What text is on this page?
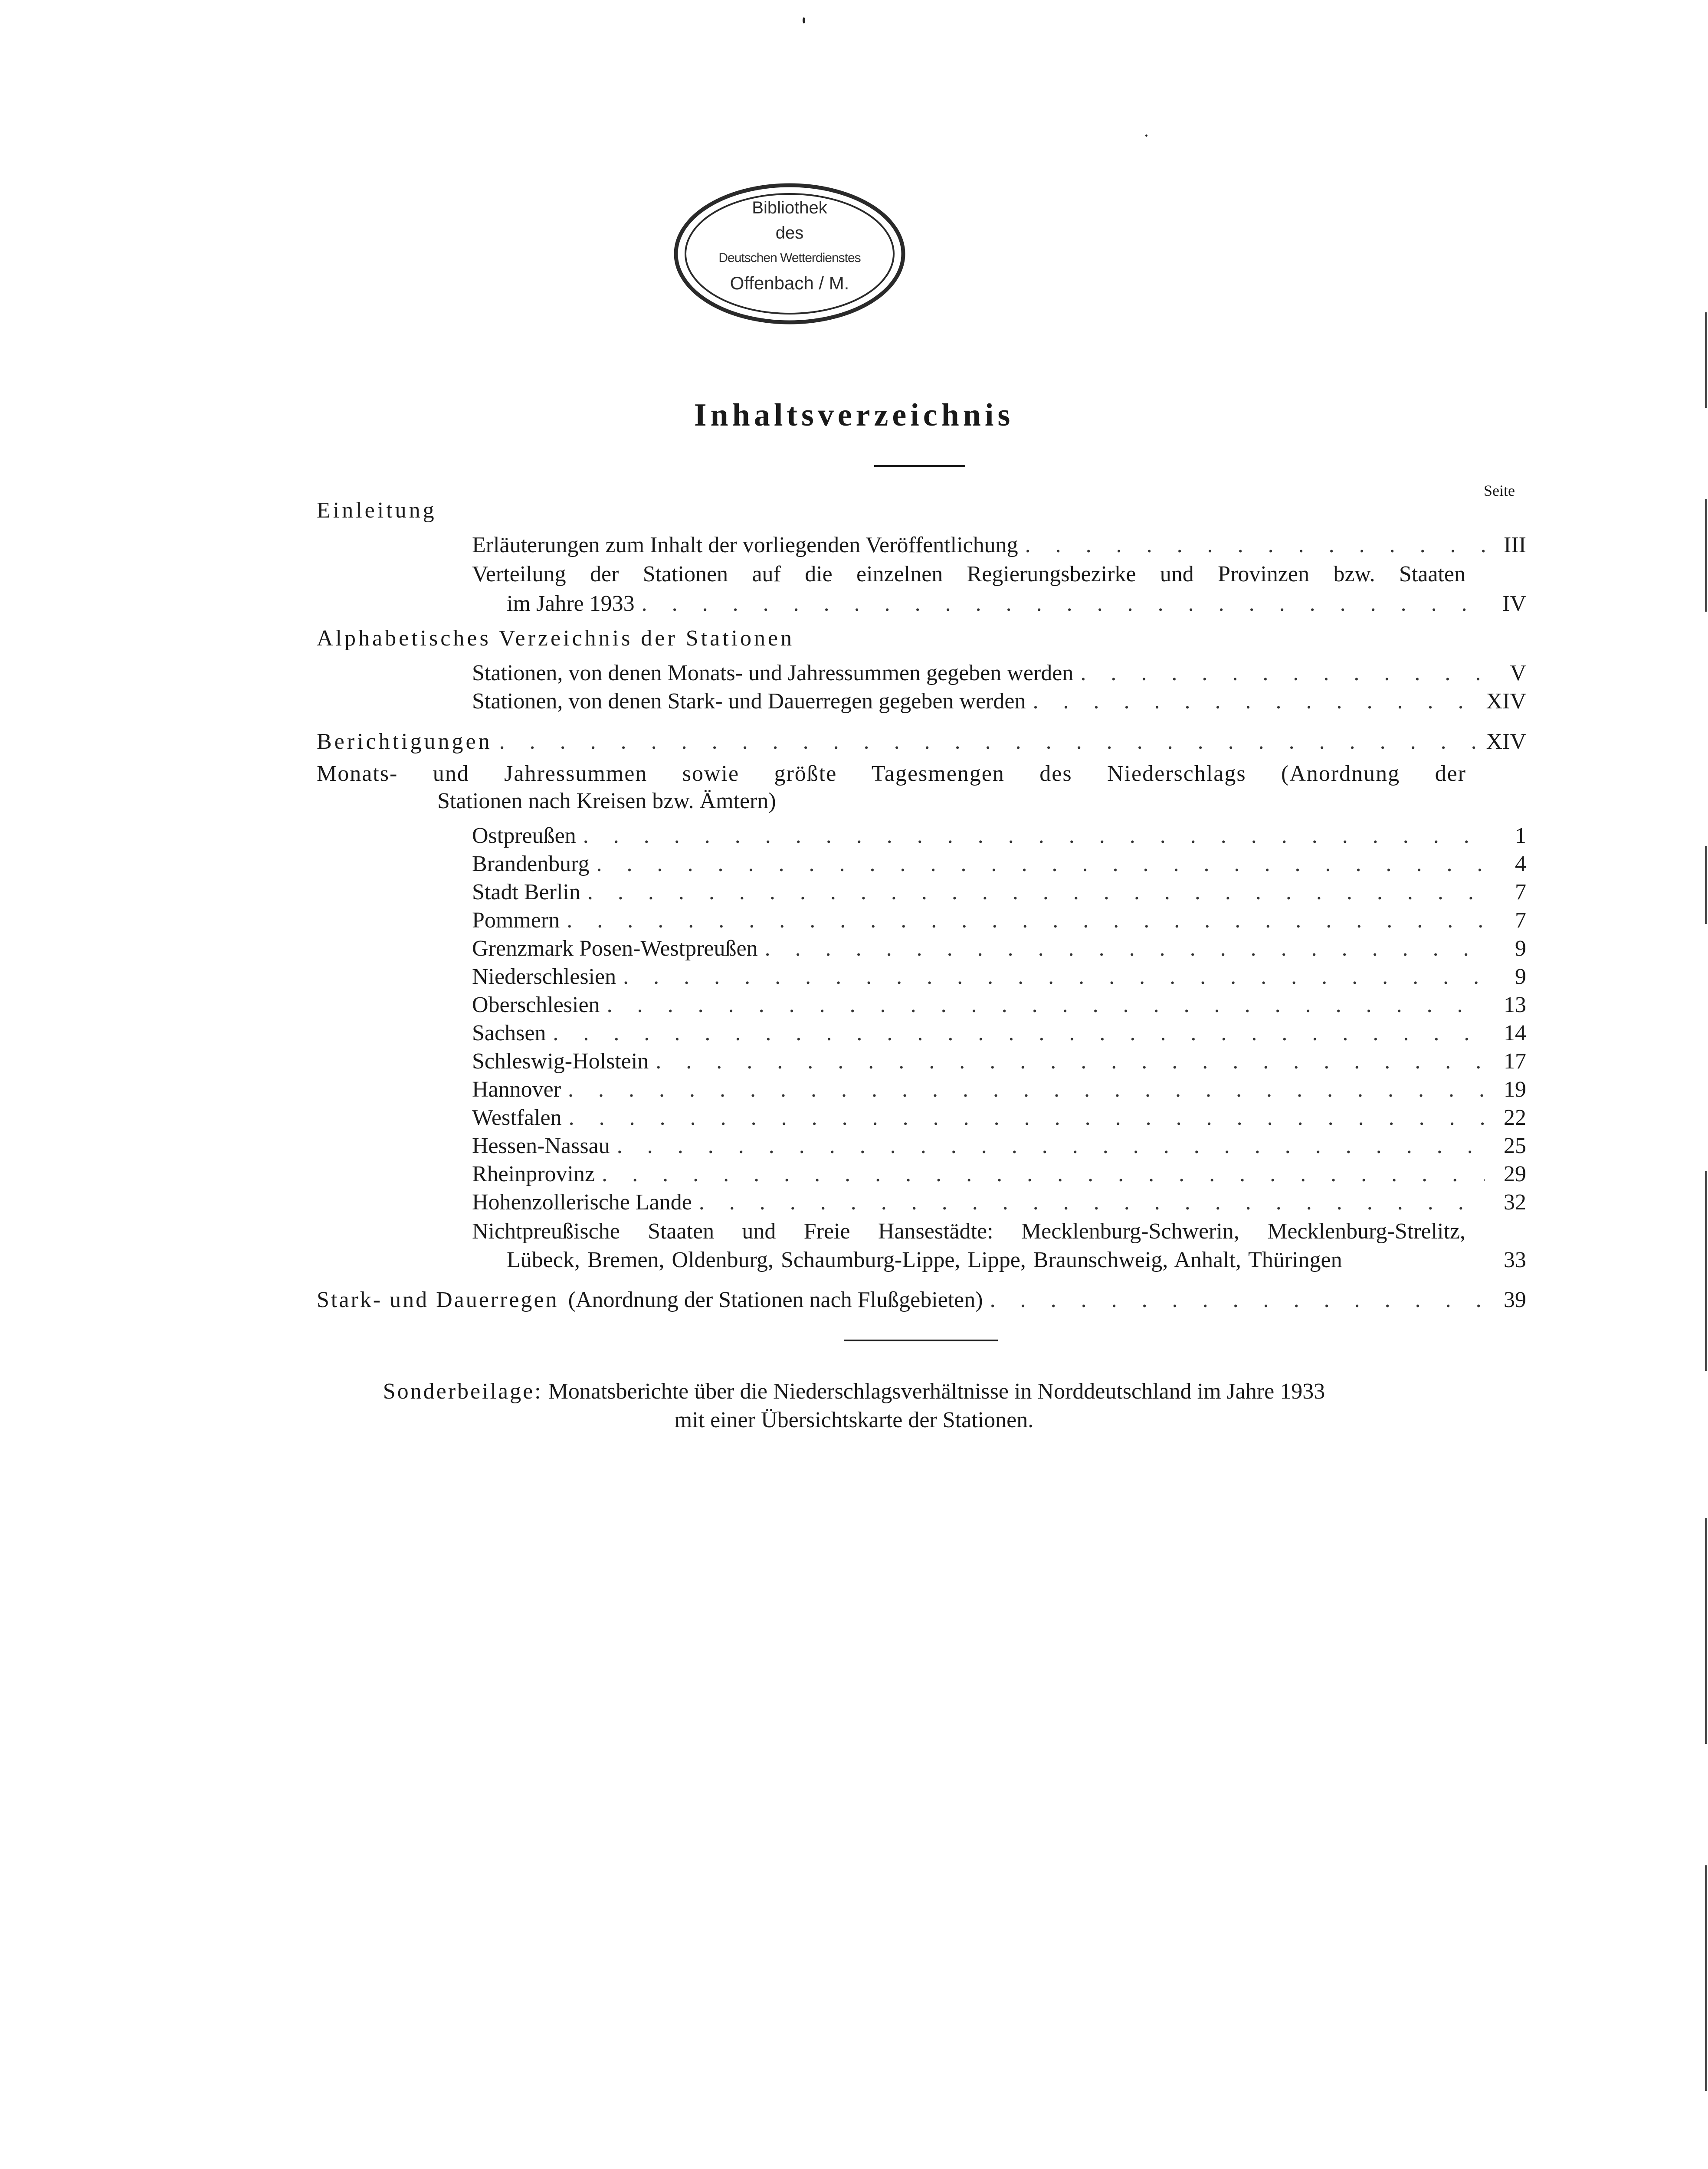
Bibliothek
des
Deutschen Wetterdienstes
Offenbach / M.
Inhaltsverzeichnis
Seite
Einleitung
Erläuterungen zum Inhalt der vorliegenden Veröffentlichung . . .	III
Verteilung der Stationen auf die einzelnen Regierungsbezirke und Provinzen bzw. Staaten
im Jahre 1933 . . .	IV
Alphabetisches Verzeichnis der Stationen
Stationen, von denen Monats- und Jahressummen gegeben werden . . .	V
Stationen, von denen Stark- und Dauerregen gegeben werden . . .	XIV
Berichtigungen . . .	XIV
Monats- und Jahressummen sowie größte Tagesmengen des Niederschlags (Anordnung der
Stationen nach Kreisen bzw. Ämtern)
Ostpreußen . . .	1
Brandenburg . . .	4
Stadt Berlin . . .	7
Pommern . . .	7
Grenzmark Posen-Westpreußen . . .	9
Niederschlesien . . .	9
Oberschlesien . . .	13
Sachsen . . .	14
Schleswig-Holstein . . .	17
Hannover . . .	19
Westfalen . . .	22
Hessen-Nassau . . .	25
Rheinprovinz . . .	29
Hohenzollerische Lande . . .	32
Nichtpreußische Staaten und Freie Hansestädte: Mecklenburg-Schwerin, Mecklenburg-Strelitz,
Lübeck, Bremen, Oldenburg, Schaumburg-Lippe, Lippe, Braunschweig, Anhalt, Thüringen	33
Stark- und Dauerregen (Anordnung der Stationen nach Flußgebieten) . . .	39
Sonderbeilage: Monatsberichte über die Niederschlagsverhältnisse in Norddeutschland im Jahre 1933
mit einer Übersichtskarte der Stationen.
